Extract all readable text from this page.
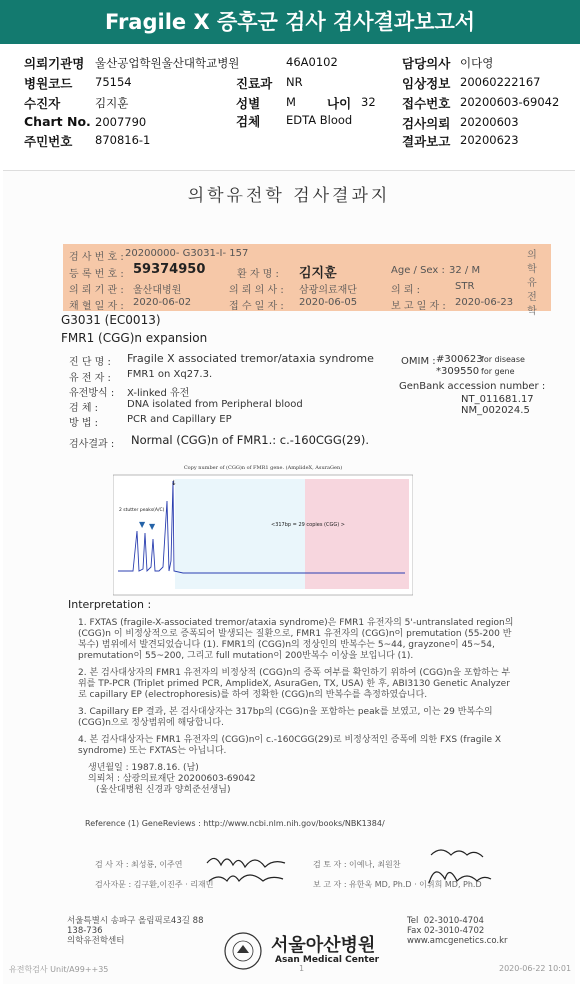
Fragile X 증후군 검사 검사결과보고서
의뢰기관명 울산공업학원울산대학교병원	46A0102	담당의사 이다영
병원코드 75154	진료과 NR	임상정보 20060222167
수진자	김지훈	성별 M 나이 32 접수번호 20200603-69042
Chart No. 2007790	검체 EDTA Blood	검사의뢰 20200603
주민번호 870816-1	결과보고 20200623
의학유전학 검사결과지
검 사 번 호 : 20200000- G3031-I- 157
등 록 번 호 : 59374950	환 자 명 : 김지훈	Age / Sex : 32 / M
의 뢰 기 관 : 울산대병원	의 뢰 의 사 : 삼광의료재단	의 뢰 :	STR
채 혈 일 자 : 2020-06-02	접 수 일 자 : 2020-06-05	보 고 일 자 : 2020-06-23
의 학 유 전 학
G3031 (EC0013)
FMR1 (CGG)n expansion
진 단 명 : Fragile X associated tremor/ataxia syndrome
유 전 자 : FMR1 on Xq27.3.
유전방식 : X-linked 유전
검 체 :	DNA isolated from Peripheral blood
방 법 :	PCR and Capillary EP
OMIM : #300623
for disease
*309550 for gene
GenBank accession number :
NT_011681.17
NM_002024.5
검사결과 : Normal (CGG)n of FMR1.: c.-160CGG(29).
Copy number of (CGG)n of FMR1 gene. (AmplideX, AsuraGen)
2 stutter peaks(A/C)
▼ ▼
↓
<317bp = 29 copies (CGG) >
Interpretation :

1. FXTAS (fragile-X-associated tremor/ataxia syndrome)은 FMR1 유전자의 5'-untranslated region의 (CGG)n 이 비정상적으로 증폭되어 발생되는 질환으로, FMR1 유전자의 (CGG)n이 premutation (55-200 반복수) 범위에서 발견되었습니다 (1). FMR1의 (CGG)n의 정상인의 반복수는 5~44, grayzone이 45~54, premutation이 55~200, 그리고 full mutation이 200반복수 이상을 보입니다 (1).

2. 본 검사대상자의 FMR1 유전자의 비정상적 (CGG)n의 증폭 여부를 확인하기 위하여 (CGG)n을 포함하는 부위를 TP-PCR (Triplet primed PCR, AmplideX, AsuraGen, TX, USA) 한 후, ABI3130 Genetic Analyzer로 capillary EP (electrophoresis)를 하여 정확한 (CGG)n의 반복수를 측정하였습니다.

3. Capillary EP 결과, 본 검사대상자는 317bp의 (CGG)n을 포함하는 peak를 보였고, 이는 29 반복수의 (CGG)n으로 정상범위에 해당합니다.

4. 본 검사대상자는 FMR1 유전자의 (CGG)n이 c.-160CGG(29)로 비정상적인 증폭에 의한 FXS (fragile X syndrome) 또는 FXTAS는 아닙니다.

생년월일 : 1987.8.16. (남)
의뢰처 : 삼광의료재단 20200603-69042
(울산대병원 신경과 양희준선생님)
Reference (1) GeneReviews : http://www.ncbi.nlm.nih.gov/books/NBK1384/
검 사 자 : 최성룡, 이주연	검 토 자 : 이예나, 최원찬
검사자문 : 김구환,이진주 · 리재민	보 고 자 : 유한욱 MD, Ph.D · 이위희 MD, Ph.D
서울특별시 송파구 올림픽로43길 88
138-736
의학유전학센터
Tel  02-3010-4704
Fax 02-3010-4702
www.amcgenetics.co.kr
서울아산병원
Asan Medical Center
유전학검사 Unit/A99++35	1	2020-06-22 10:01
